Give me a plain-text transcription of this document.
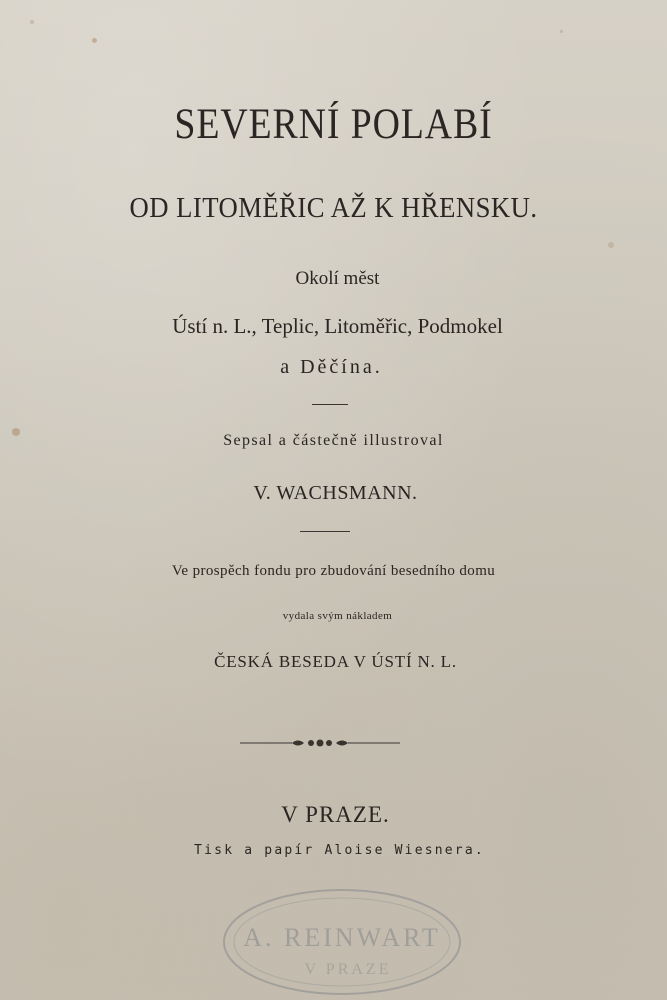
SEVERNÍ POLABÍ
OD LITOMĚŘIC AŽ K HŘENSKU.
Okolí měst
Ústí n. L., Teplic, Litoměřic, Podmokel
a Děčína.
Sepsal a částečně illustroval
V. WACHSMANN.
Ve prospěch fondu pro zbudování besedního domu
vydala svým nákladem
ČESKÁ BESEDA V ÚSTÍ N. L.
V PRAZE.
Tisk a papír Aloise Wiesnera.
A. REINWART
V PRAZE
